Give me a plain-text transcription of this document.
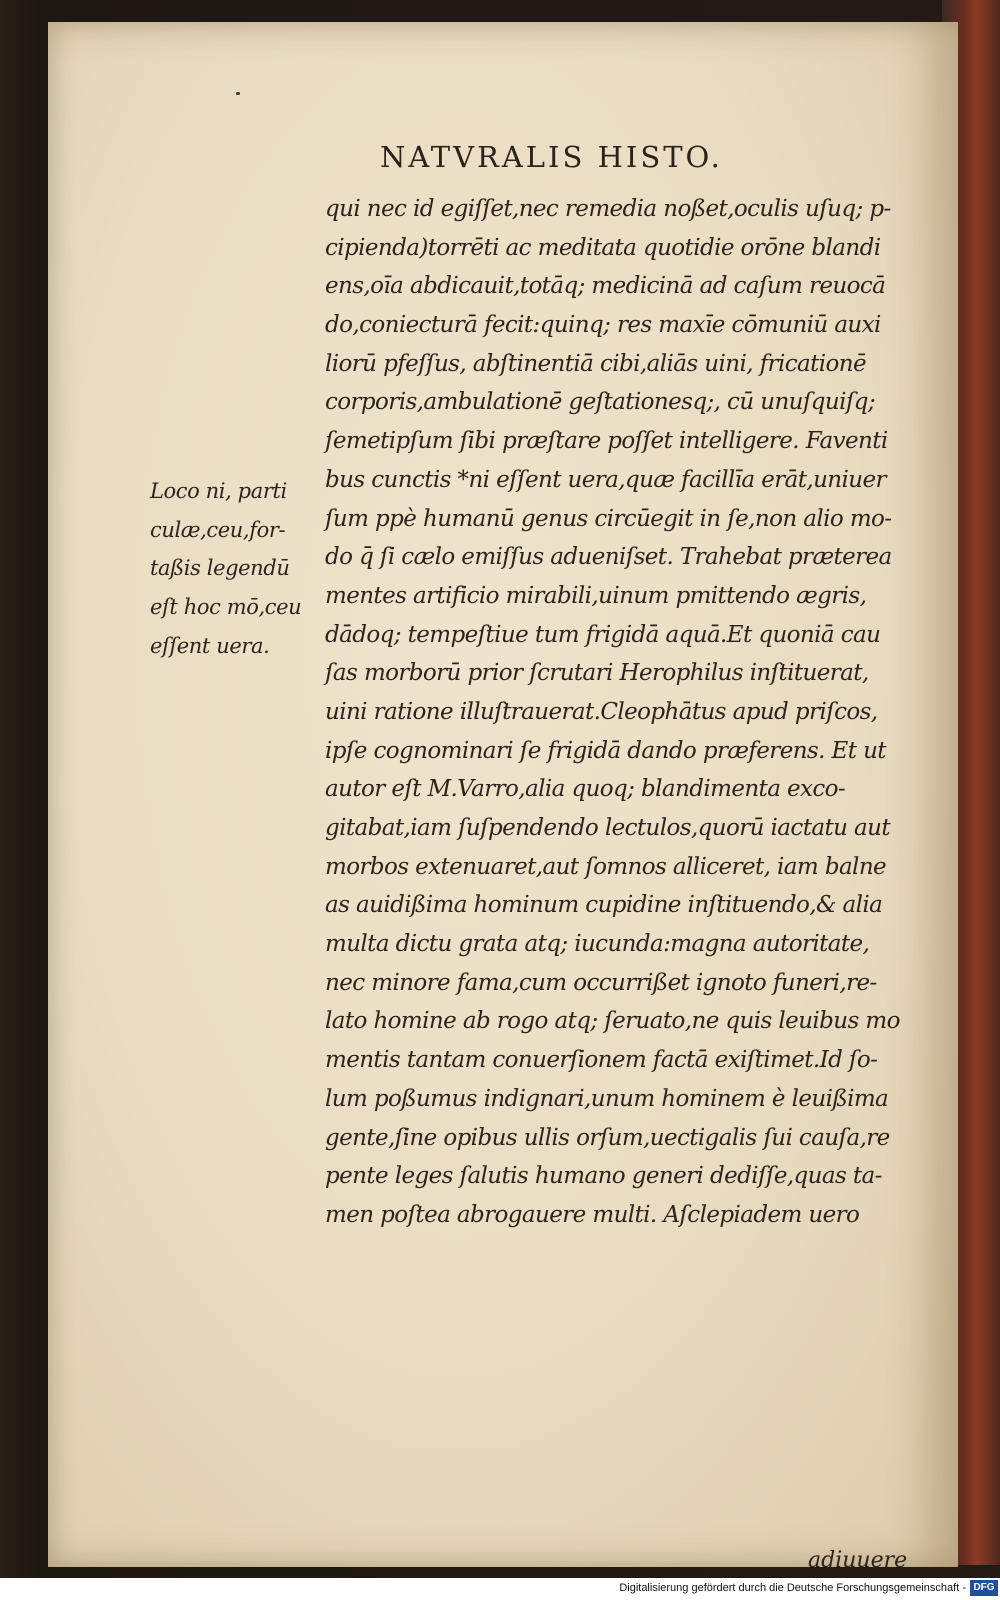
NATVRALIS HISTO.
qui nec id egiſſet,nec remedia noßet,oculis uſuq; p-
cipienda)torrēti ac meditata quotidie orōne blandi
ens,oīa abdicauit,totāq; medicinā ad caſum reuocā
do,coniecturā fecit:quinq; res maxīe cōmuniū auxi
liorū pfeſſus, abſtinentiā cibi,aliās uini, fricationē
corporis,ambulationē geſtationesq;, cū unuſquiſq;
ſemetipſum ſibi præſtare poſſet intelligere. Faventi
bus cunctis *ni eſſent uera,quæ facillīa erāt,uniuer
ſum ppè humanū genus circūegit in ſe,non alio mo-
do q̄ ſi cælo emiſſus adueniſset. Trahebat præterea
mentes artificio mirabili,uinum pmittendo ægris,
dādoq; tempeſtiue tum frigidā aquā.Et quoniā cau
ſas morborū prior ſcrutari Herophilus inſtituerat,
uini ratione illuſtrauerat.Cleophātus apud priſcos,
ipſe cognominari ſe frigidā dando præferens. Et ut
autor eſt M.Varro,alia quoq; blandimenta exco-
gitabat,iam ſuſpendendo lectulos,quorū iactatu aut
morbos extenuaret,aut ſomnos alliceret, iam balne
as auidißima hominum cupidine inſtituendo,& alia
multa dictu grata atq; iucunda:magna autoritate,
nec minore fama,cum occurrißet ignoto funeri,re-
lato homine ab rogo atq; ſeruato,ne quis leuibus mo
mentis tantam conuerſionem factā exiſtimet.Id ſo-
lum poßumus indignari,unum hominem è leuißima
gente,ſine opibus ullis orſum,uectigalis ſui cauſa,re
pente leges ſalutis humano generi dediſſe,quas ta-
men poſtea abrogauere multi. Aſclepiadem uero
adiuuere
Loco ni, parti
culæ,ceu,for-
taßis legendū
eſt hoc mō,ceu
eſſent uera.
Digitalisierung gefördert durch die Deutsche Forschungsgemeinschaft - DFG
